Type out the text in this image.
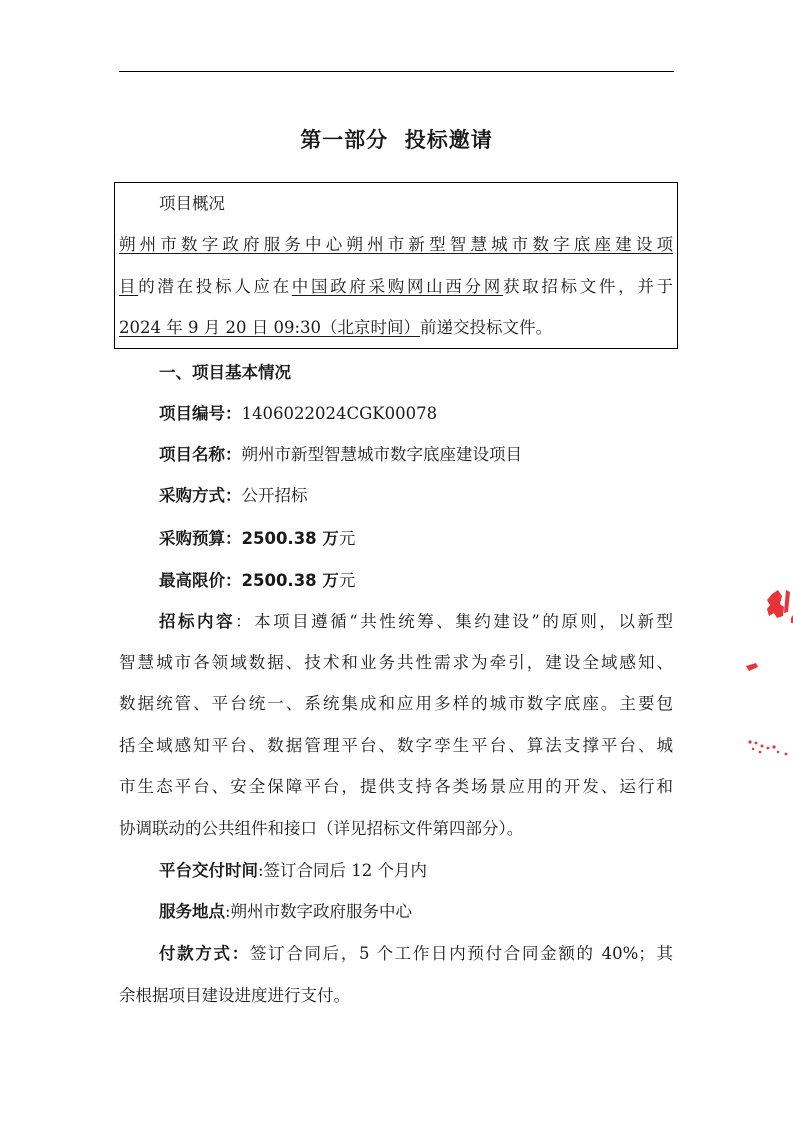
第一部分  投标邀请
项目概况
朔州市数字政府服务中心朔州市新型智慧城市数字底座建设项
目的潜在投标人应在中国政府采购网山西分网获取招标文件，并于
2024 年 9 月 20 日 09:30（北京时间）前递交投标文件。
一、项目基本情况
项目编号：1406022024CGK00078
项目名称：朔州市新型智慧城市数字底座建设项目
采购方式：公开招标
采购预算：2500.38 万元
最高限价：2500.38 万元
招标内容：本项目遵循“共性统筹、集约建设”的原则，以新型
智慧城市各领域数据、技术和业务共性需求为牵引，建设全域感知、
数据统管、平台统一、系统集成和应用多样的城市数字底座。主要包
括全域感知平台、数据管理平台、数字孪生平台、算法支撑平台、城
市生态平台、安全保障平台，提供支持各类场景应用的开发、运行和
协调联动的公共组件和接口（详见招标文件第四部分）。
平台交付时间:签订合同后 12 个月内
服务地点:朔州市数字政府服务中心
付款方式：签订合同后，5 个工作日内预付合同金额的 40%；其
余根据项目建设进度进行支付。
